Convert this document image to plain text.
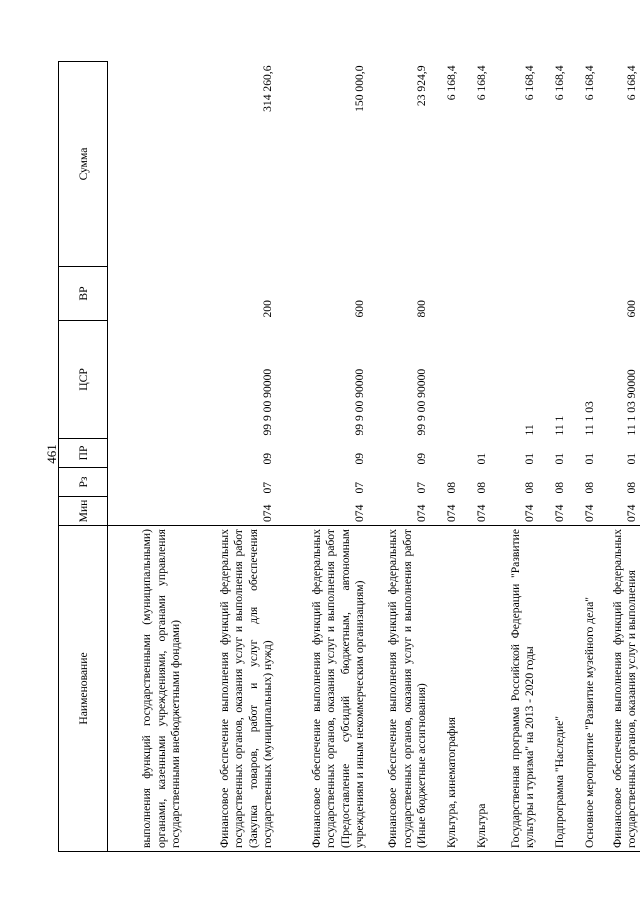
461
Наименование	Мин	Рз	ПР	ЦСР	ВР	Сумма
выполнения функций государственными (муниципальными) органами, казенными учреждениями, органами управления государственными внебюджетными фондами)						
Финансовое обеспечение выполнения функций федеральных государственных органов, оказания услуг и выполнения работ (Закупка товаров, работ и услуг для обеспечения государственных (муниципальных) нужд)	074	07	09	99 9 00 90000	200	314 260,6
Финансовое обеспечение выполнения функций федеральных государственных органов, оказания услуг и выполнения работ (Предоставление субсидий бюджетным, автономным учреждениям и иным некоммерческим организациям)	074	07	09	99 9 00 90000	600	150 000,0
Финансовое обеспечение выполнения функций федеральных государственных органов, оказания услуг и выполнения работ (Иные бюджетные ассигнования)	074	07	09	99 9 00 90000	800	23 924,9
Культура, кинематография	074	08				6 168,4
Культура	074	08	01			6 168,4
Государственная программа Российской Федерации "Развитие культуры и туризма" на 2013 - 2020 годы	074	08	01	11		6 168,4
Подпрограмма "Наследие"	074	08	01	11 1		6 168,4
Основное мероприятие "Развитие музейного дела"	074	08	01	11 1 03		6 168,4
Финансовое обеспечение выполнения функций федеральных государственных органов, оказания услуг и выполнения	074	08	01	11 1 03 90000	600	6 168,4
